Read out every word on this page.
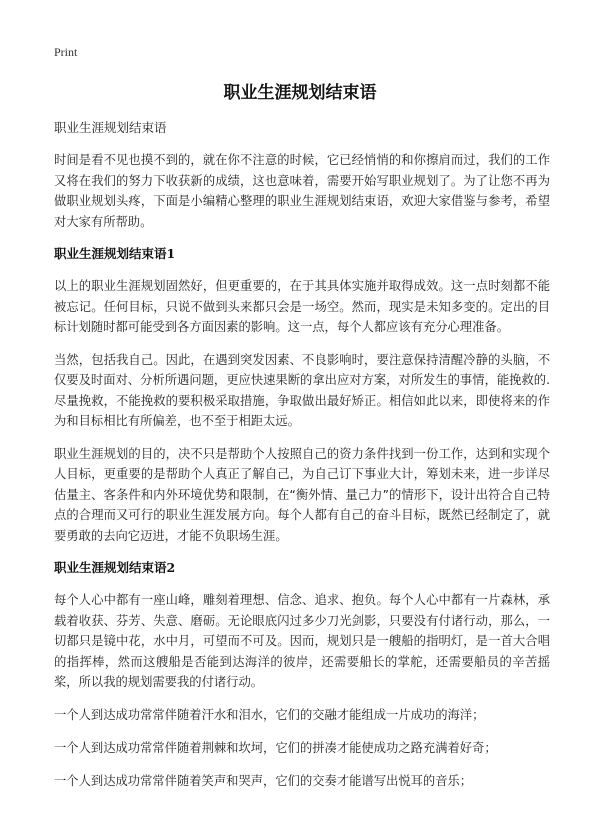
Print
职业生涯规划结束语

职业生涯规划结束语

时间是看不见也摸不到的，就在你不注意的时候，它已经悄悄的和你擦肩而过，我们的工作又将在我们的努力下收获新的成绩，这也意味着，需要开始写职业规划了。为了让您不再为做职业规划头疼，下面是小编精心整理的职业生涯规划结束语，欢迎大家借鉴与参考，希望对大家有所帮助。

职业生涯规划结束语1

以上的职业生涯规划固然好，但更重要的，在于其具体实施并取得成效。这一点时刻都不能被忘记。任何目标，只说不做到头来都只会是一场空。然而，现实是未知多变的。定出的目标计划随时都可能受到各方面因素的影响。这一点，每个人都应该有充分心理准备。

当然，包括我自己。因此，在遇到突发因素、不良影响时，要注意保持清醒冷静的头脑，不仅要及时面对、分析所遇问题，更应快速果断的拿出应对方案，对所发生的事情，能挽救的.尽量挽救，不能挽救的要积极采取措施，争取做出最好矫正。相信如此以来，即使将来的作为和目标相比有所偏差，也不至于相距太远。

职业生涯规划的目的，决不只是帮助个人按照自己的资力条件找到一份工作，达到和实现个人目标，更重要的是帮助个人真正了解自己，为自己订下事业大计，筹划未来，进一步详尽估量主、客条件和内外环境优势和限制，在“衡外情、量己力”的情形下，设计出符合自己特点的合理而又可行的职业生涯发展方向。每个人都有自己的奋斗目标，既然已经制定了，就要勇敢的去向它迈进，才能不负职场生涯。

职业生涯规划结束语2

每个人心中都有一座山峰，雕刻着理想、信念、追求、抱负。每个人心中都有一片森林，承载着收获、芬芳、失意、磨砺。无论眼底闪过多少刀光剑影，只要没有付诸行动，那么，一切都只是镜中花，水中月，可望而不可及。因而，规划只是一艘船的指明灯，是一首大合唱的指挥棒，然而这艘船是否能到达海洋的彼岸，还需要船长的掌舵，还需要船员的辛苦摇桨，所以我的规划需要我的付诸行动。

一个人到达成功常常伴随着汗水和泪水，它们的交融才能组成一片成功的海洋；

一个人到达成功常常伴随着荆棘和坎坷，它们的拼凑才能使成功之路充满着好奇；

一个人到达成功常常伴随着笑声和哭声，它们的交奏才能谱写出悦耳的音乐；
